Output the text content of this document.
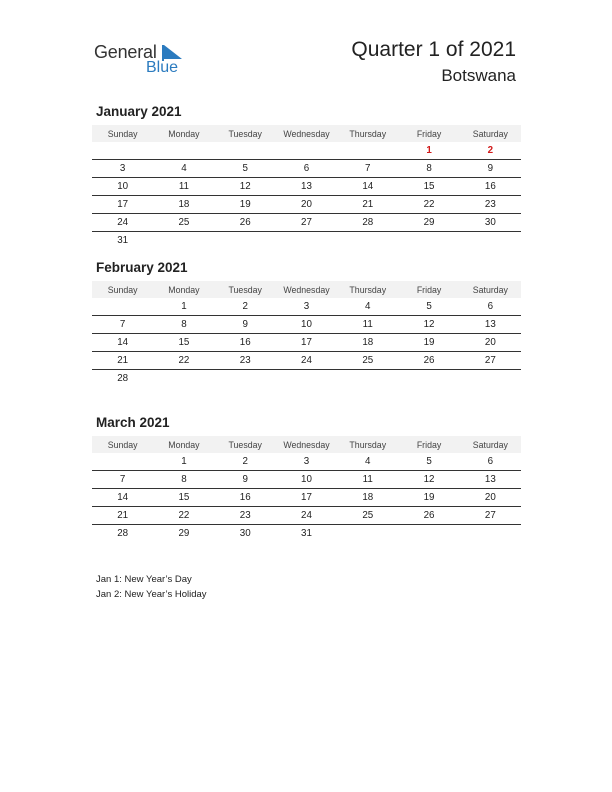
General
Blue
Quarter 1 of 2021
Botswana
January 2021
Sunday	Monday	Tuesday	Wednesday	Thursday	Friday	Saturday
					1	2
3	4	5	6	7	8	9
10	11	12	13	14	15	16
17	18	19	20	21	22	23
24	25	26	27	28	29	30
31						
February 2021
Sunday	Monday	Tuesday	Wednesday	Thursday	Friday	Saturday
	1	2	3	4	5	6
7	8	9	10	11	12	13
14	15	16	17	18	19	20
21	22	23	24	25	26	27
28						
March 2021
Sunday	Monday	Tuesday	Wednesday	Thursday	Friday	Saturday
	1	2	3	4	5	6
7	8	9	10	11	12	13
14	15	16	17	18	19	20
21	22	23	24	25	26	27
28	29	30	31			
Jan 1: New Year’s Day
Jan 2: New Year’s Holiday
